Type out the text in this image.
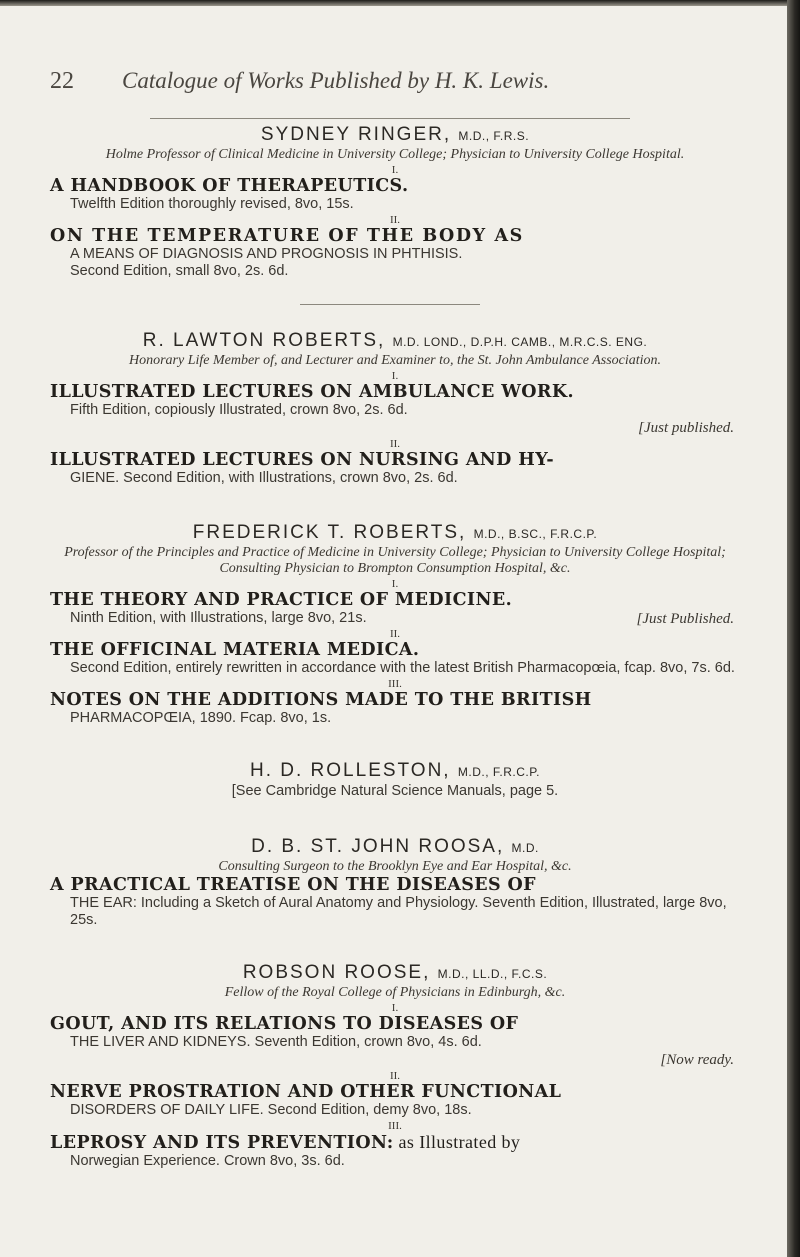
22 Catalogue of Works Published by H. K. Lewis.
SYDNEY RINGER, M.D., F.R.S.
Holme Professor of Clinical Medicine in University College; Physician to University College Hospital.
I.
A HANDBOOK OF THERAPEUTICS.
Twelfth Edition thoroughly revised, 8vo, 15s.
II.
ON THE TEMPERATURE OF THE BODY AS
A MEANS OF DIAGNOSIS AND PROGNOSIS IN PHTHISIS.
Second Edition, small 8vo, 2s. 6d.
R. LAWTON ROBERTS, M.D. LOND., D.P.H. CAMB., M.R.C.S. ENG.
Honorary Life Member of, and Lecturer and Examiner to, the St. John Ambulance Association.
I.
ILLUSTRATED LECTURES ON AMBULANCE WORK.
Fifth Edition, copiously Illustrated, crown 8vo, 2s. 6d.
[Just published.
II.
ILLUSTRATED LECTURES ON NURSING AND HY-
GIENE. Second Edition, with Illustrations, crown 8vo, 2s. 6d.
FREDERICK T. ROBERTS, M.D., B.SC., F.R.C.P.
Professor of the Principles and Practice of Medicine in University College; Physician to University College Hospital; Consulting Physician to Brompton Consumption Hospital, &c.
I.
THE THEORY AND PRACTICE OF MEDICINE.
Ninth Edition, with Illustrations, large 8vo, 21s.	[Just Published.
II.
THE OFFICINAL MATERIA MEDICA.
Second Edition, entirely rewritten in accordance with the latest British Pharmacopœia, fcap. 8vo, 7s. 6d.
III.
NOTES ON THE ADDITIONS MADE TO THE BRITISH
PHARMACOPŒIA, 1890. Fcap. 8vo, 1s.
H. D. ROLLESTON, M.D., F.R.C.P.
[See Cambridge Natural Science Manuals, page 5.
D. B. ST. JOHN ROOSA, M.D.
Consulting Surgeon to the Brooklyn Eye and Ear Hospital, &c.
A PRACTICAL TREATISE ON THE DISEASES OF
THE EAR: Including a Sketch of Aural Anatomy and Physiology. Seventh Edition, Illustrated, large 8vo, 25s.
ROBSON ROOSE, M.D., LL.D., F.C.S.
Fellow of the Royal College of Physicians in Edinburgh, &c.
I.
GOUT, AND ITS RELATIONS TO DISEASES OF
THE LIVER AND KIDNEYS. Seventh Edition, crown 8vo, 4s. 6d.
[Now ready.
II.
NERVE PROSTRATION AND OTHER FUNCTIONAL
DISORDERS OF DAILY LIFE. Second Edition, demy 8vo, 18s.
III.
LEPROSY AND ITS PREVENTION: as Illustrated by
Norwegian Experience. Crown 8vo, 3s. 6d.
